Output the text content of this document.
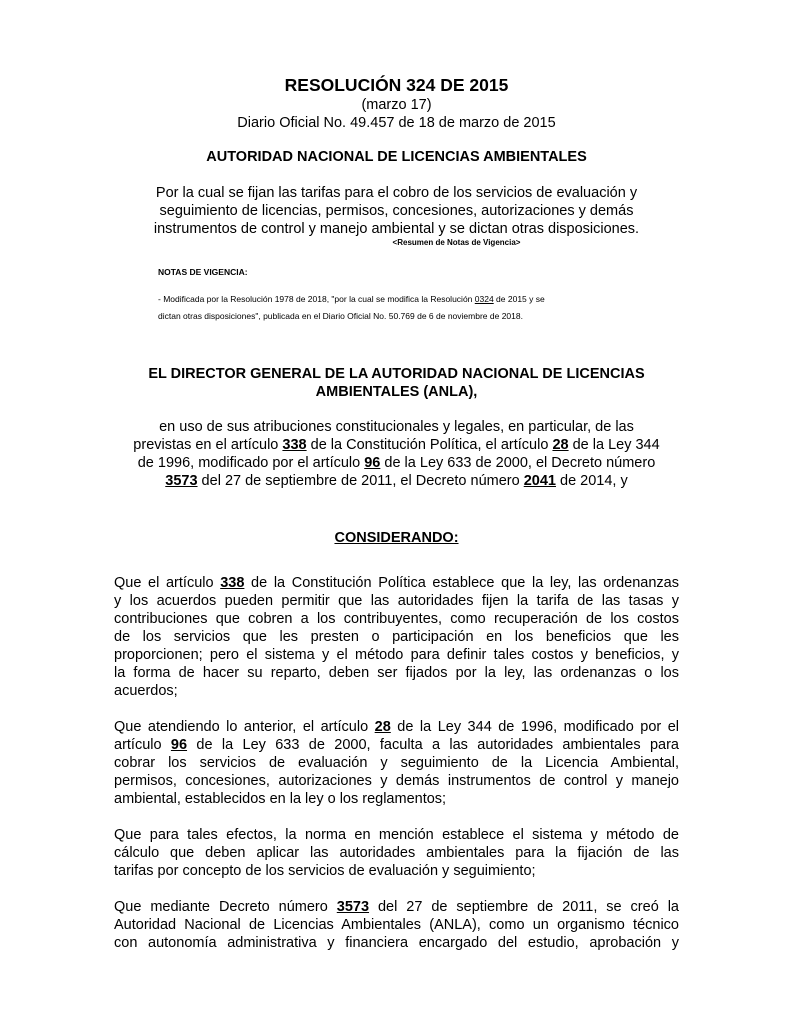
RESOLUCIÓN 324 DE 2015

(marzo 17)

Diario Oficial No. 49.457 de 18 de marzo de 2015

AUTORIDAD NACIONAL DE LICENCIAS AMBIENTALES

Por la cual se fijan las tarifas para el cobro de los servicios de evaluación y
seguimiento de licencias, permisos, concesiones, autorizaciones y demás
instrumentos de control y manejo ambiental y se dictan otras disposiciones.

<Resumen de Notas de Vigencia>

NOTAS DE VIGENCIA:

- Modificada por la Resolución 1978 de 2018, "por la cual se modifica la Resolución 0324 de 2015 y se
dictan otras disposiciones", publicada en el Diario Oficial No. 50.769 de 6 de noviembre de 2018.

EL DIRECTOR GENERAL DE LA AUTORIDAD NACIONAL DE LICENCIAS
AMBIENTALES (ANLA),

en uso de sus atribuciones constitucionales y legales, en particular, de las
previstas en el artículo 338 de la Constitución Política, el artículo 28 de la Ley 344
de 1996, modificado por el artículo 96 de la Ley 633 de 2000, el Decreto número
3573 del 27 de septiembre de 2011, el Decreto número 2041 de 2014, y

CONSIDERANDO:

Que el artículo 338 de la Constitución Política establece que la ley, las ordenanzas
y los acuerdos pueden permitir que las autoridades fijen la tarifa de las tasas y
contribuciones que cobren a los contribuyentes, como recuperación de los costos
de los servicios que les presten o participación en los beneficios que les
proporcionen; pero el sistema y el método para definir tales costos y beneficios, y
la forma de hacer su reparto, deben ser fijados por la ley, las ordenanzas o los
acuerdos;
Que atendiendo lo anterior, el artículo 28 de la Ley 344 de 1996, modificado por el
artículo 96 de la Ley 633 de 2000, faculta a las autoridades ambientales para
cobrar los servicios de evaluación y seguimiento de la Licencia Ambiental,
permisos, concesiones, autorizaciones y demás instrumentos de control y manejo
ambiental, establecidos en la ley o los reglamentos;
Que para tales efectos, la norma en mención establece el sistema y método de
cálculo que deben aplicar las autoridades ambientales para la fijación de las
tarifas por concepto de los servicios de evaluación y seguimiento;
Que mediante Decreto número 3573 del 27 de septiembre de 2011, se creó la
Autoridad Nacional de Licencias Ambientales (ANLA), como un organismo técnico
con autonomía administrativa y financiera encargado del estudio, aprobación y
